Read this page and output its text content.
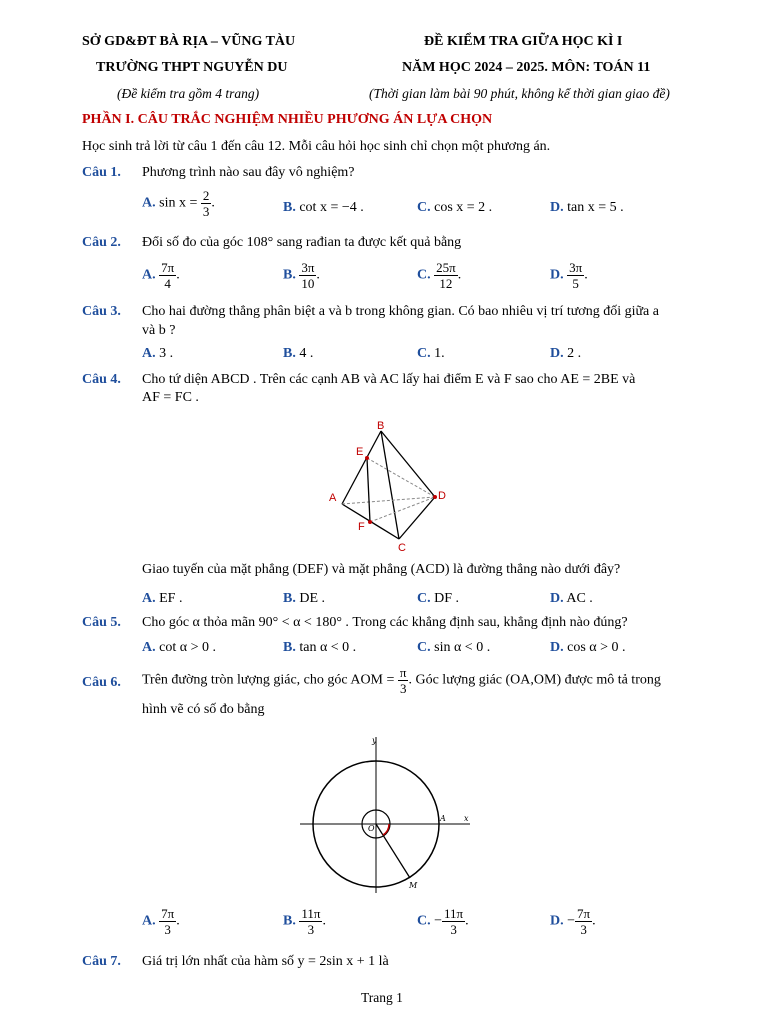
SỞ GD&ĐT BÀ RỊA – VŨNG TÀU
TRƯỜNG THPT NGUYỄN DU
(Đề kiểm tra gồm 4 trang)
ĐỀ KIỂM TRA GIỮA HỌC KÌ I
NĂM HỌC 2024 – 2025. MÔN: TOÁN 11
(Thời gian làm bài 90 phút, không kể thời gian giao đề)
PHẦN I. CÂU TRẮC NGHIỆM NHIỀU PHƯƠNG ÁN LỰA CHỌN
Học sinh trả lời từ câu 1 đến câu 12. Mỗi câu hỏi học sinh chỉ chọn một phương án.
Câu 1. Phương trình nào sau đây vô nghiệm?
A. $\sin x = \frac{2}{3}$ .	B. cot x = −4 .	C. cos x = 2 .	D. tan x = 5 .
Câu 2. Đổi số đo của góc 108° sang rađian ta được kết quả bằng
A. $\frac{7\pi}{4}$ .	B. $\frac{3\pi}{10}$ .	C. $\frac{25\pi}{12}$ .	D. $\frac{3\pi}{5}$ .
Câu 3. Cho hai đường thẳng phân biệt a và b trong không gian. Có bao nhiêu vị trí tương đối giữa a
và b ?
A. 3 .	B. 4 .	C. 1.	D. 2 .
Câu 4. Cho tứ diện ABCD . Trên các cạnh AB và AC lấy hai điểm E và F sao cho AE = 2BE và
AF = FC .
B
E
A	D
F
C
Giao tuyến của mặt phẳng (DEF) và mặt phẳng (ACD) là đường thẳng nào dưới đây?
A. EF .	B. DE .	C. DF .	D. AC .
Câu 5. Cho góc α thỏa mãn 90° < α < 180° . Trong các khẳng định sau, khẳng định nào đúng?
A. cot α > 0 .	B. tan α < 0 .	C. sin α < 0 .	D. cos α > 0 .
Câu 6. Trên đường tròn lượng giác, cho góc AOM = $\frac{\pi}{3}$ . Góc lượng giác (OA,OM) được mô tả trong
hình vẽ có số đo bằng
y
x
A
O
M
A. $\frac{7\pi}{3}$ .	B. $\frac{11\pi}{3}$ .	C. − $\frac{11\pi}{3}$ .	D. − $\frac{7\pi}{3}$ .
Câu 7. Giá trị lớn nhất của hàm số y = 2sin x + 1 là
Trang 1
